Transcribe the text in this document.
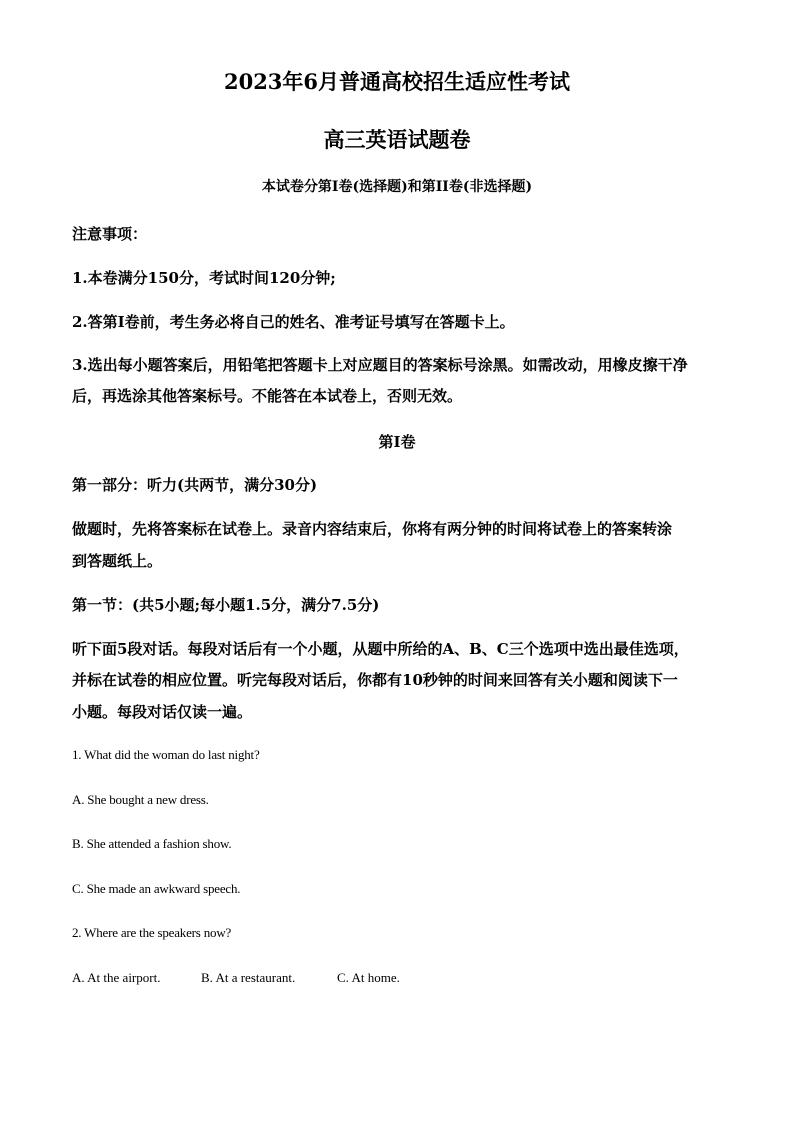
2023年6月普通高校招生适应性考试
高三英语试题卷
本试卷分第I卷(选择题)和第II卷(非选择题)
注意事项：
1.本卷满分150分，考试时间120分钟;
2.答第I卷前，考生务必将自己的姓名、准考证号填写在答题卡上。
3.选出每小题答案后，用铅笔把答题卡上对应题目的答案标号涂黑。如需改动，用橡皮擦干净
后，再选涂其他答案标号。不能答在本试卷上，否则无效。
第I卷
第一部分：听力(共两节，满分30分)
做题时，先将答案标在试卷上。录音内容结束后，你将有两分钟的时间将试卷上的答案转涂
到答题纸上。
第一节：(共5小题;每小题1.5分，满分7.5分)
听下面5段对话。每段对话后有一个小题，从题中所给的A、B、C三个选项中选出最佳选项，
并标在试卷的相应位置。听完每段对话后，你都有10秒钟的时间来回答有关小题和阅读下一
小题。每段对话仅读一遍。
1. What did the woman do last night?
A. She bought a new dress.
B. She attended a fashion show.
C. She made an awkward speech.
2. Where are the speakers now?
A. At the airport.	B. At a restaurant.	C. At home.
